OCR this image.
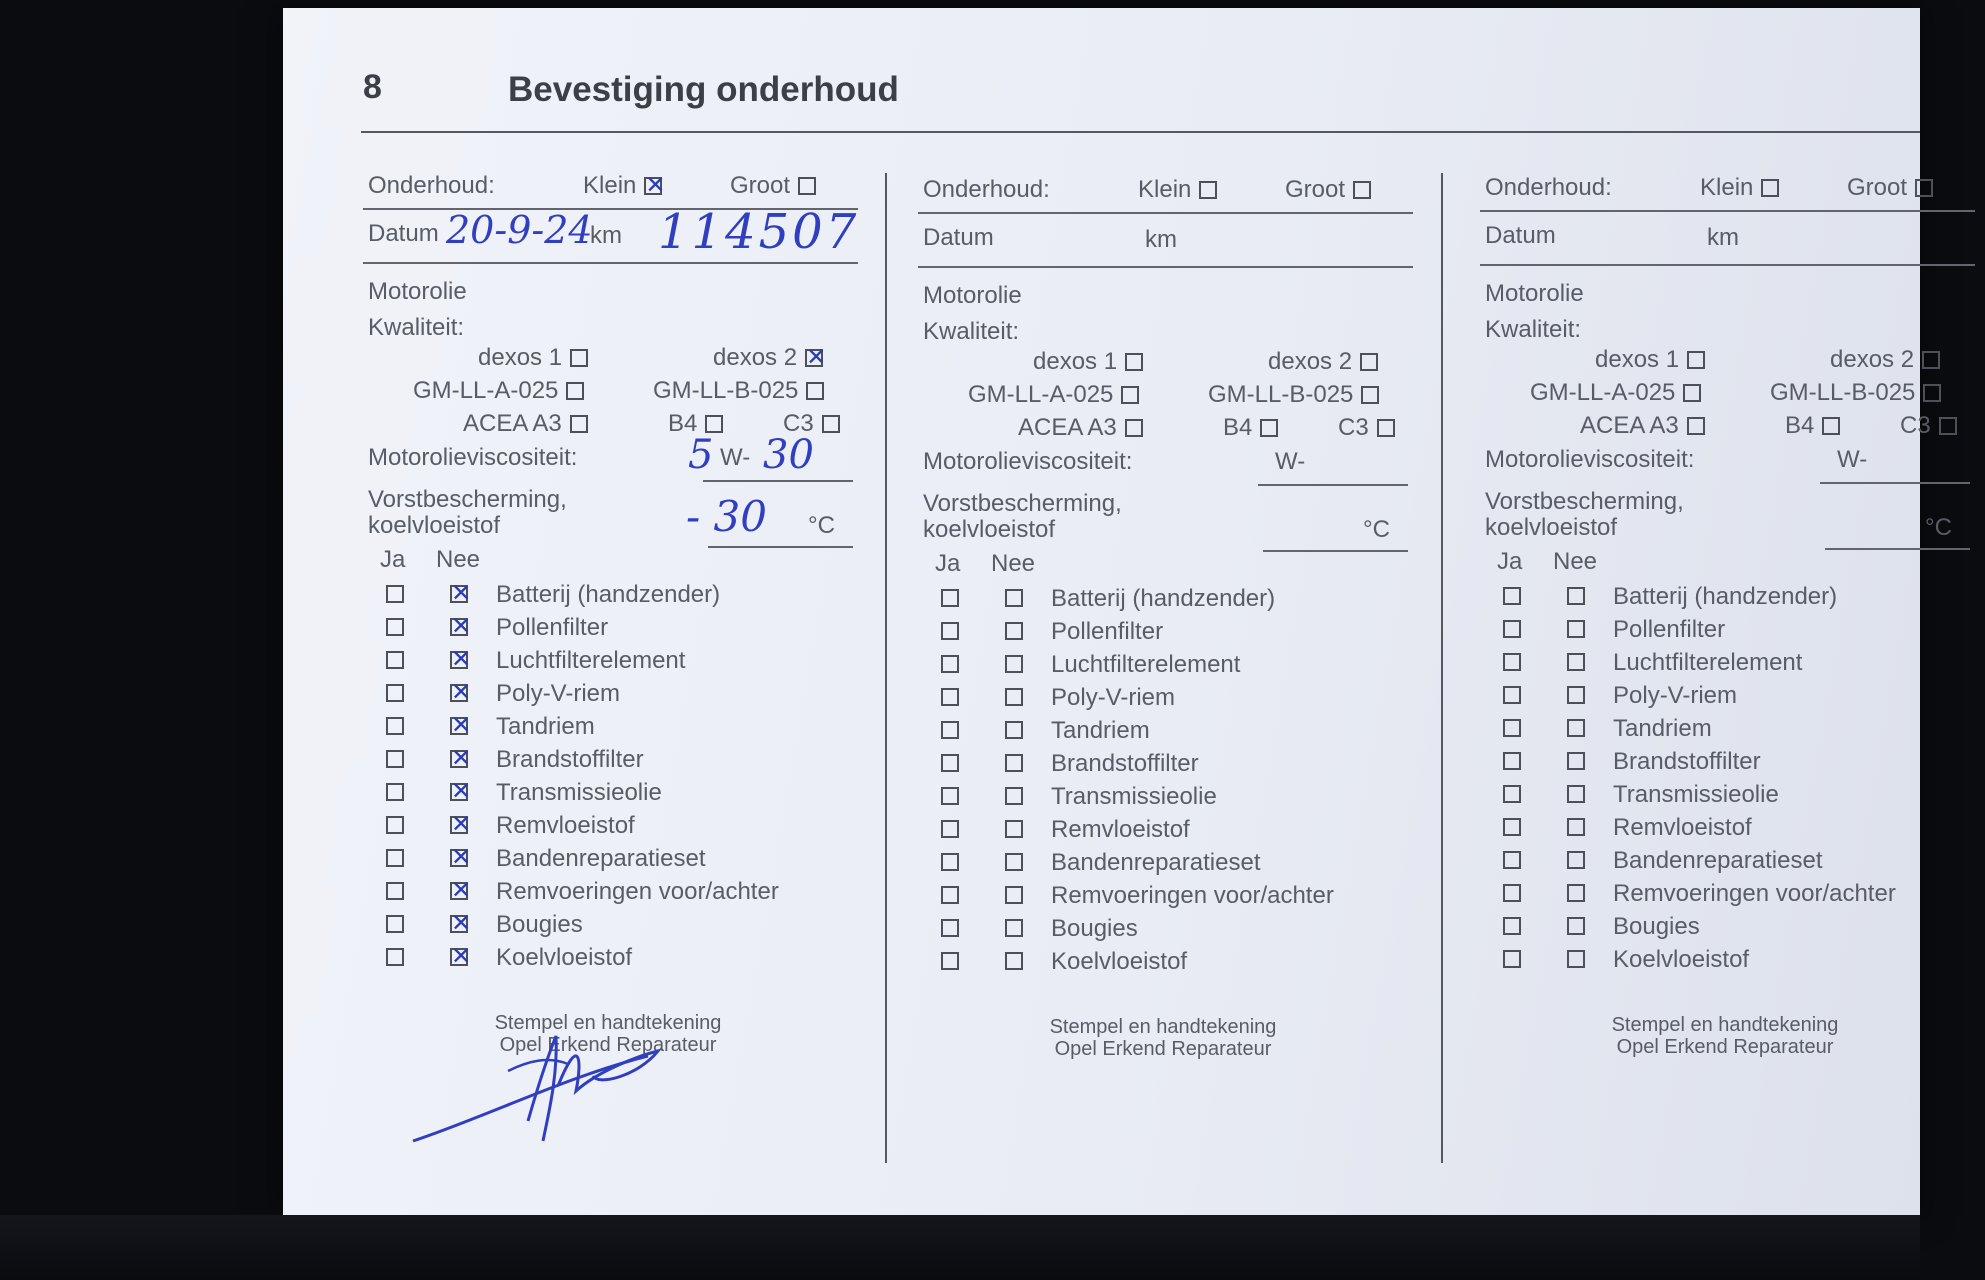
8	Bevestiging onderhoud
Onderhoud:	Klein✕	Groot
Datum 20-9-24
km 114507
Motorolie
Kwaliteit:
dexos 1	dexos 2✕
GM-LL-A-025	GM-LL-B-025
ACEA A3	B4	C3
Motorolieviscositeit:	5 W- 30
Vorstbescherming,
koelvloeistof	- 30 °C
Ja Nee
✕
Batterij (handzender)
✕
Pollenfilter
✕
Luchtfilterelement
✕
Poly-V-riem
✕
Tandriem
✕
Brandstoffilter
✕
Transmissieolie
✕
Remvloeistof
✕
Bandenreparatieset
✕
Remvoeringen voor/achter
✕
Bougies
✕
Koelvloeistof
Stempel en handtekening
Opel Erkend Reparateur
Onderhoud:	Klein	Groot
Datum	km
Motorolie
Kwaliteit:
dexos 1	dexos 2
GM-LL-A-025	GM-LL-B-025
ACEA A3	B4	C3
Motorolieviscositeit:	W-
Vorstbescherming,
koelvloeistof	°C
Ja Nee
Batterij (handzender)
Pollenfilter
Luchtfilterelement
Poly-V-riem
Tandriem
Brandstoffilter
Transmissieolie
Remvloeistof
Bandenreparatieset
Remvoeringen voor/achter
Bougies
Koelvloeistof
Stempel en handtekening
Opel Erkend Reparateur
Onderhoud:	Klein	Groot
Datum	km
Motorolie
Kwaliteit:
dexos 1	dexos 2
GM-LL-A-025	GM-LL-B-025
ACEA A3	B4	C3
Motorolieviscositeit:	W-
Vorstbescherming,
koelvloeistof	°C
Ja Nee
Batterij (handzender)
Pollenfilter
Luchtfilterelement
Poly-V-riem
Tandriem
Brandstoffilter
Transmissieolie
Remvloeistof
Bandenreparatieset
Remvoeringen voor/achter
Bougies
Koelvloeistof
Stempel en handtekening
Opel Erkend Reparateur
